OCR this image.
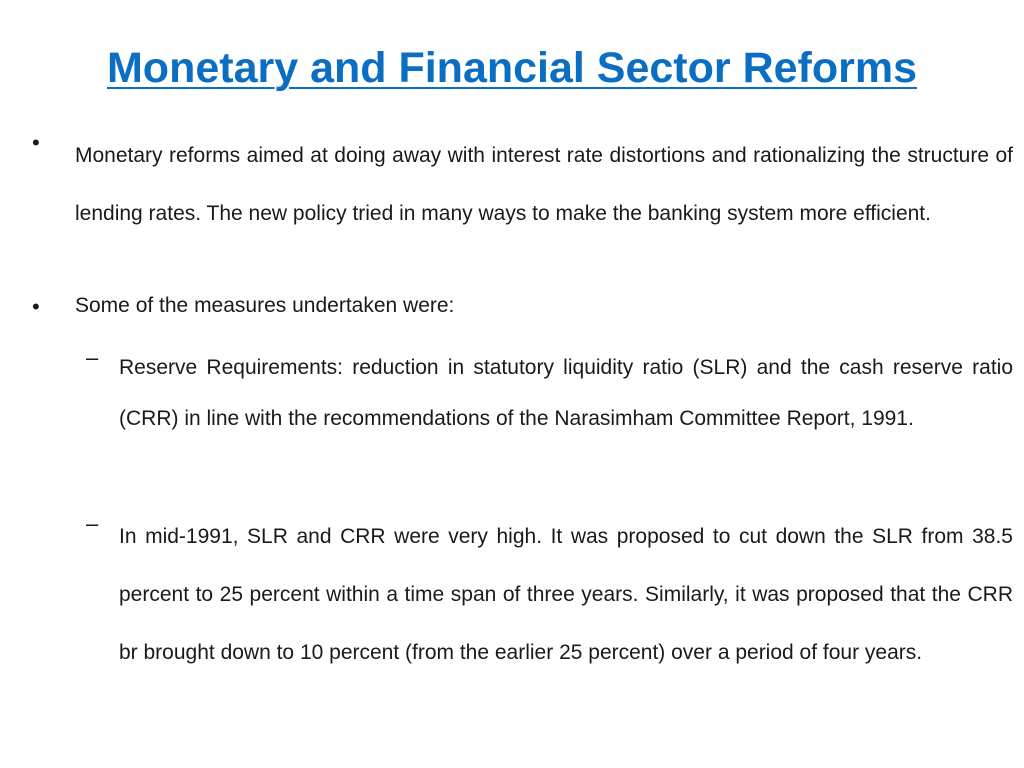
Monetary and Financial Sector Reforms
•

Monetary reforms aimed at doing away with interest rate distortions and rationalizing the structure of lending rates. The new policy tried in many ways to make the banking system more efficient.

• Some of the measures undertaken were:

– Reserve Requirements: reduction in statutory liquidity ratio (SLR) and the cash reserve ratio (CRR) in line with the recommendations of the Narasimham Committee Report, 1991.

–

In mid-1991, SLR and CRR were very high. It was proposed to cut down the SLR from 38.5 percent to 25 percent within a time span of three years. Similarly, it was proposed that the CRR br brought down to 10 percent (from the earlier 25 percent) over a period of four years.
